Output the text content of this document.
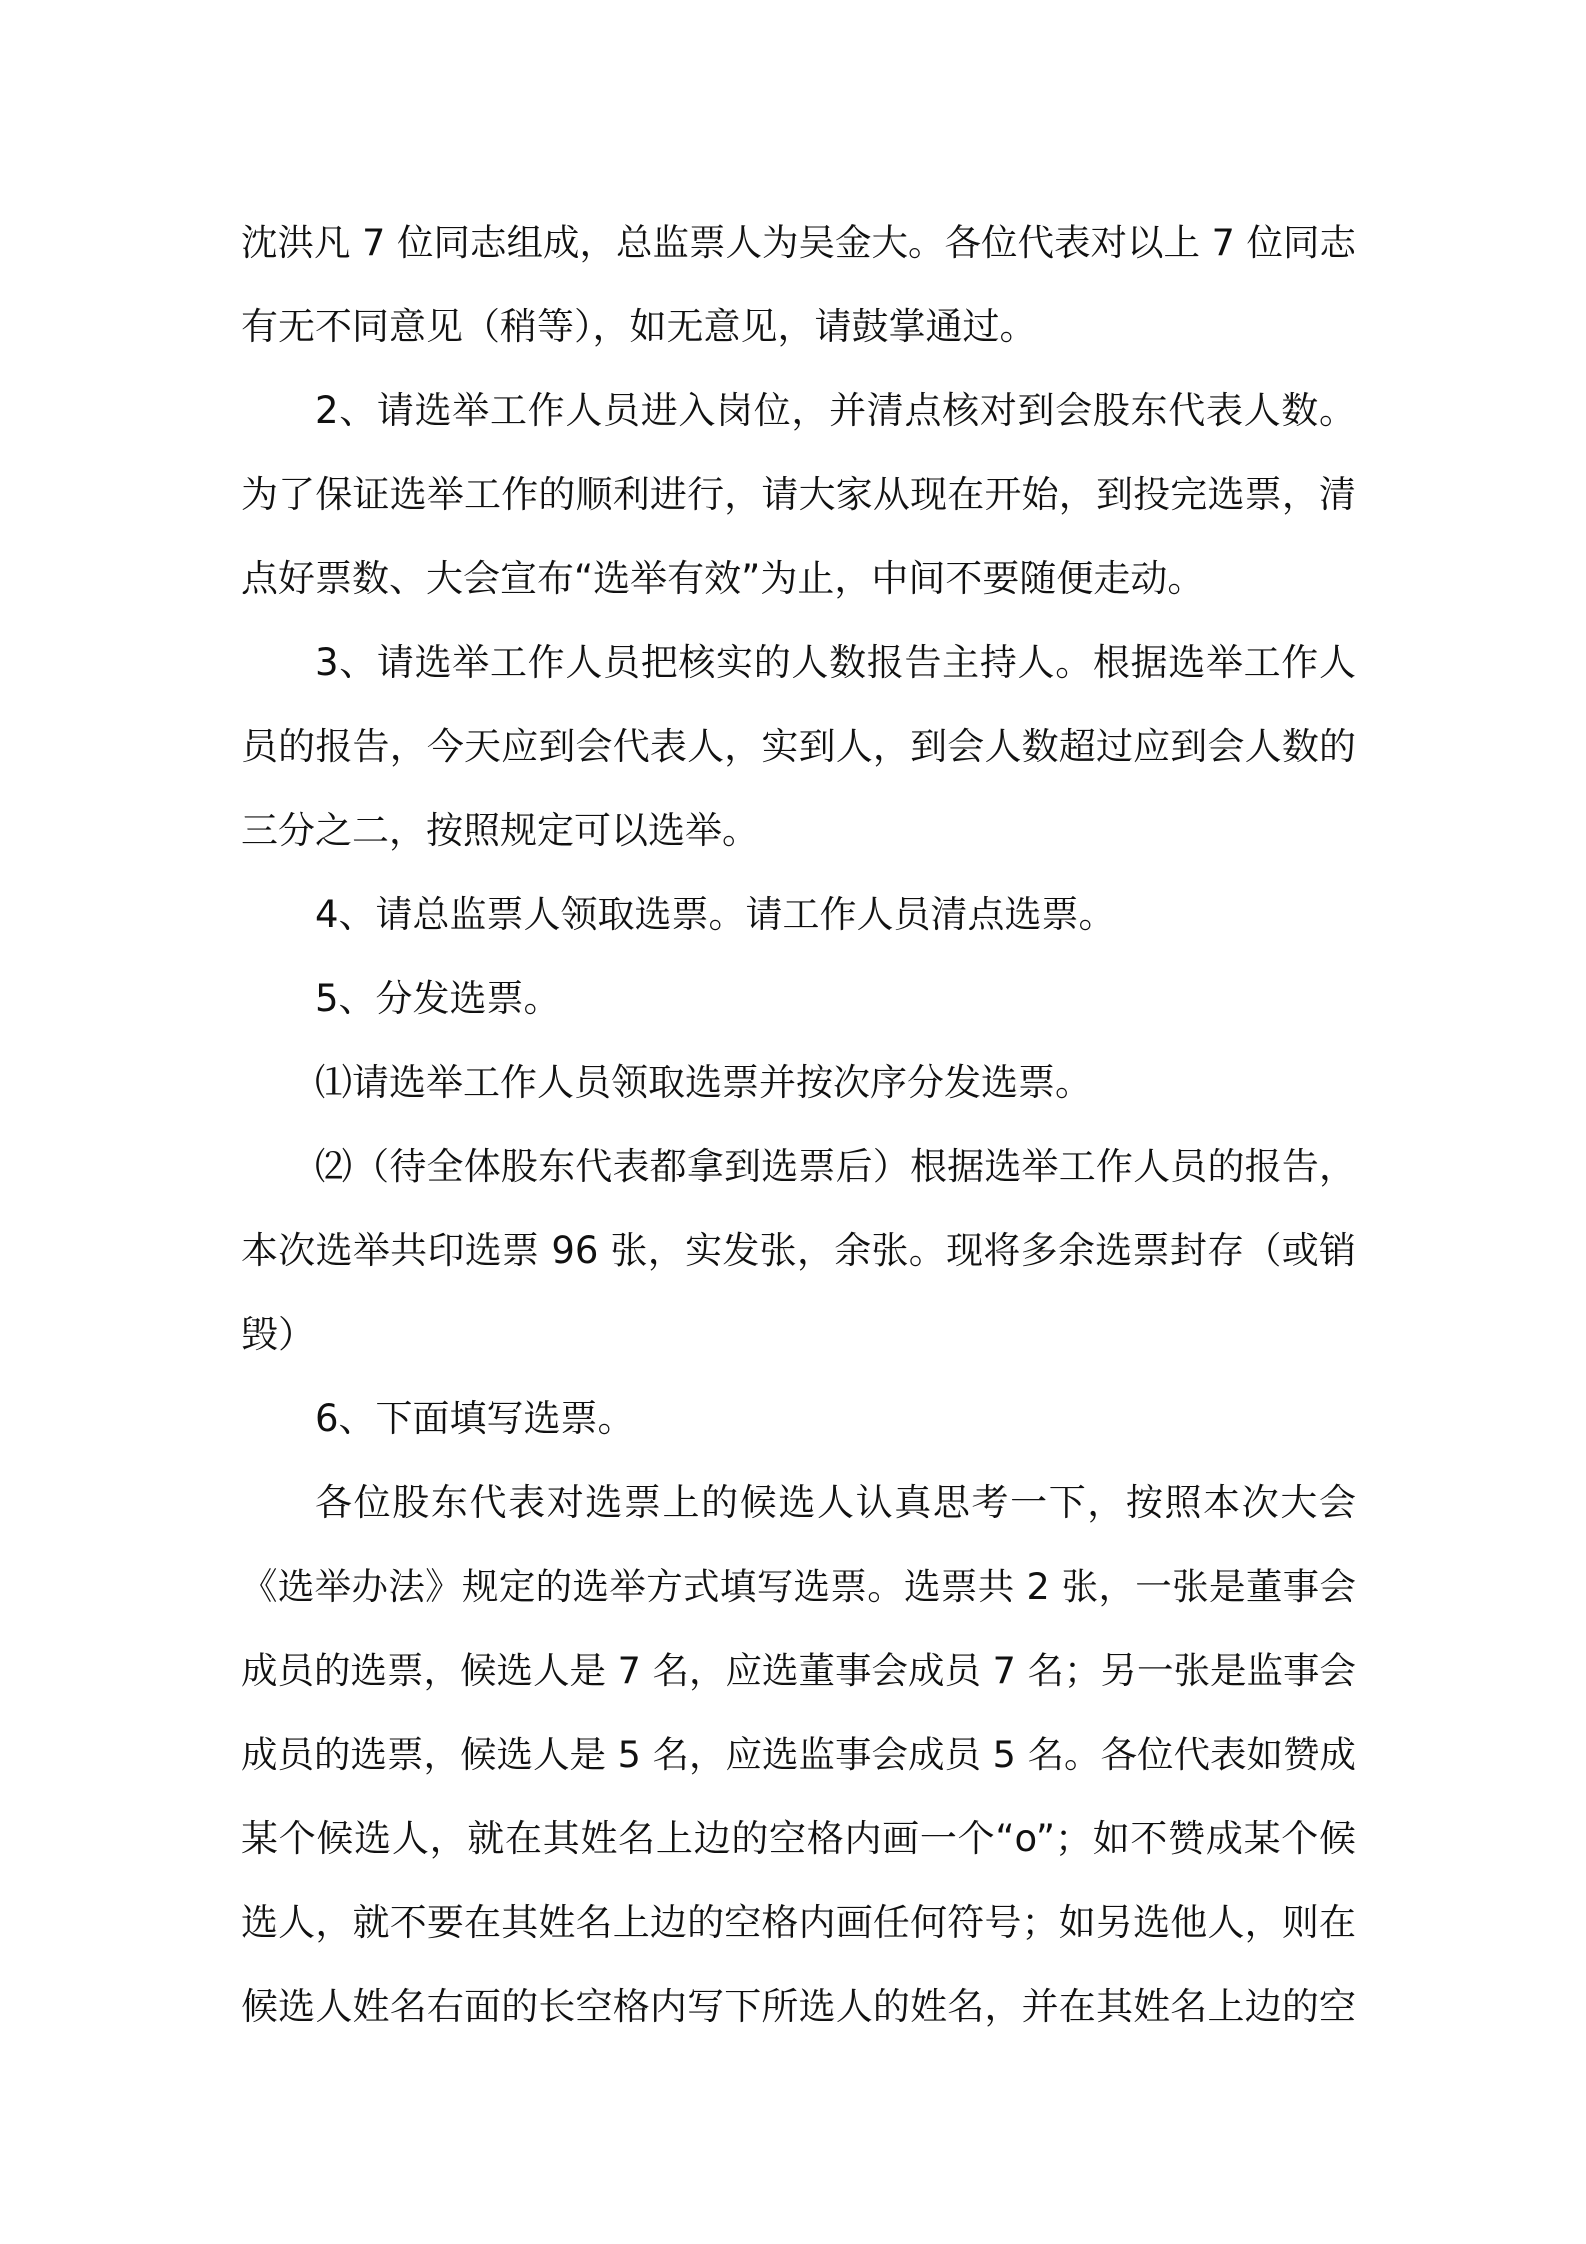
沈洪凡 7 位同志组成，总监票人为吴金大。各位代表对以上 7 位同志
有无不同意见（稍等），如无意见，请鼓掌通过。
2、请选举工作人员进入岗位，并清点核对到会股东代表人数。
为了保证选举工作的顺利进行，请大家从现在开始，到投完选票，清
点好票数、大会宣布“选举有效”为止，中间不要随便走动。
3、请选举工作人员把核实的人数报告主持人。根据选举工作人
员的报告，今天应到会代表人，实到人，到会人数超过应到会人数的
三分之二，按照规定可以选举。
4、请总监票人领取选票。请工作人员清点选票。
5、分发选票。
⑴请选举工作人员领取选票并按次序分发选票。
⑵（待全体股东代表都拿到选票后）根据选举工作人员的报告，
本次选举共印选票 96 张，实发张，余张。现将多余选票封存（或销
毁）
6、下面填写选票。
各位股东代表对选票上的候选人认真思考一下，按照本次大会
《选举办法》规定的选举方式填写选票。选票共 2 张，一张是董事会
成员的选票，候选人是 7 名，应选董事会成员 7 名；另一张是监事会
成员的选票，候选人是 5 名，应选监事会成员 5 名。各位代表如赞成
某个候选人，就在其姓名上边的空格内画一个“o”；如不赞成某个候
选人，就不要在其姓名上边的空格内画任何符号；如另选他人，则在
候选人姓名右面的长空格内写下所选人的姓名，并在其姓名上边的空
